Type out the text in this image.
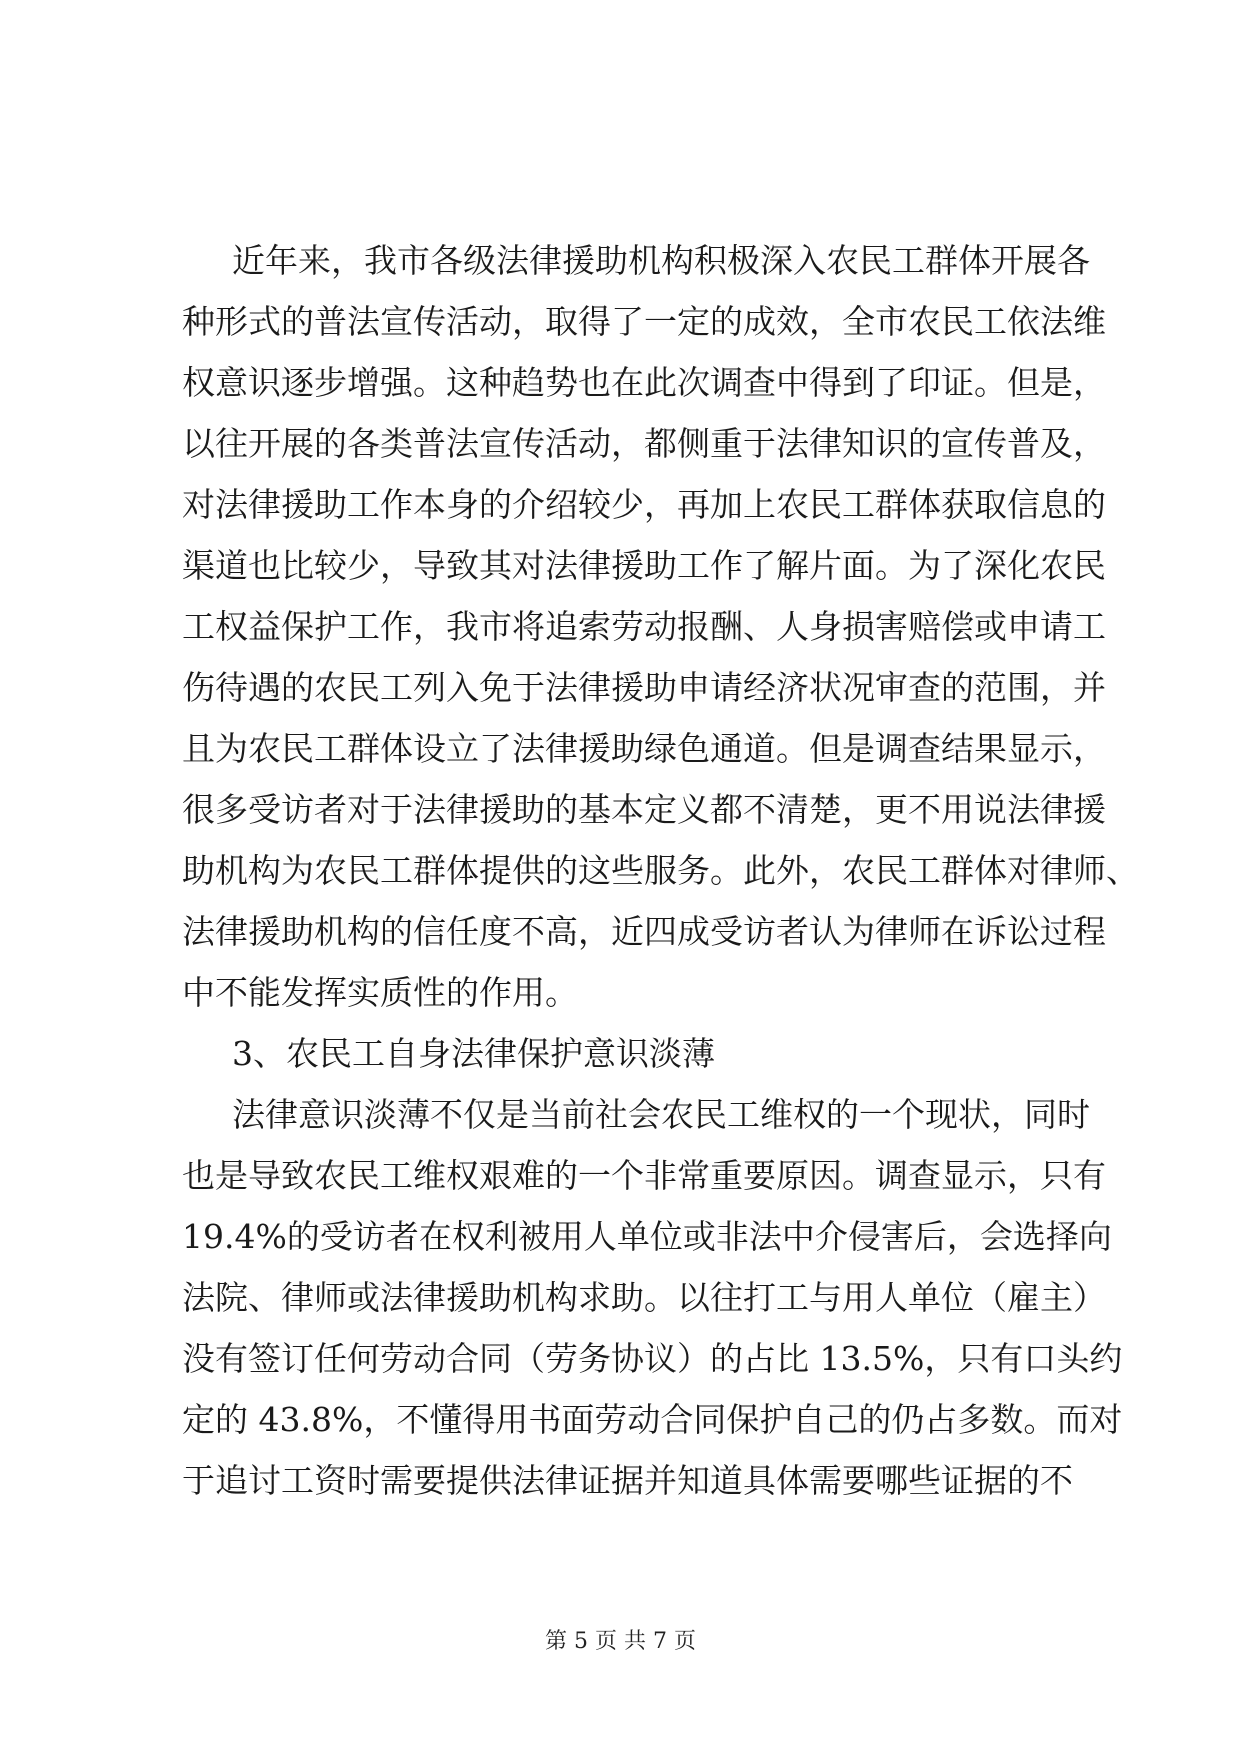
近年来，我市各级法律援助机构积极深入农民工群体开展各
种形式的普法宣传活动，取得了一定的成效，全市农民工依法维
权意识逐步增强。这种趋势也在此次调查中得到了印证。但是，
以往开展的各类普法宣传活动，都侧重于法律知识的宣传普及，
对法律援助工作本身的介绍较少，再加上农民工群体获取信息的
渠道也比较少，导致其对法律援助工作了解片面。为了深化农民
工权益保护工作，我市将追索劳动报酬、人身损害赔偿或申请工
伤待遇的农民工列入免于法律援助申请经济状况审查的范围，并
且为农民工群体设立了法律援助绿色通道。但是调查结果显示，
很多受访者对于法律援助的基本定义都不清楚，更不用说法律援
助机构为农民工群体提供的这些服务。此外，农民工群体对律师、
法律援助机构的信任度不高，近四成受访者认为律师在诉讼过程
中不能发挥实质性的作用。
3、农民工自身法律保护意识淡薄
法律意识淡薄不仅是当前社会农民工维权的一个现状，同时
也是导致农民工维权艰难的一个非常重要原因。调查显示，只有
19.4%的受访者在权利被用人单位或非法中介侵害后，会选择向
法院、律师或法律援助机构求助。以往打工与用人单位（雇主）
没有签订任何劳动合同（劳务协议）的占比 13.5%，只有口头约
定的 43.8%，不懂得用书面劳动合同保护自己的仍占多数。而对
于追讨工资时需要提供法律证据并知道具体需要哪些证据的不
第 5 页 共 7 页
